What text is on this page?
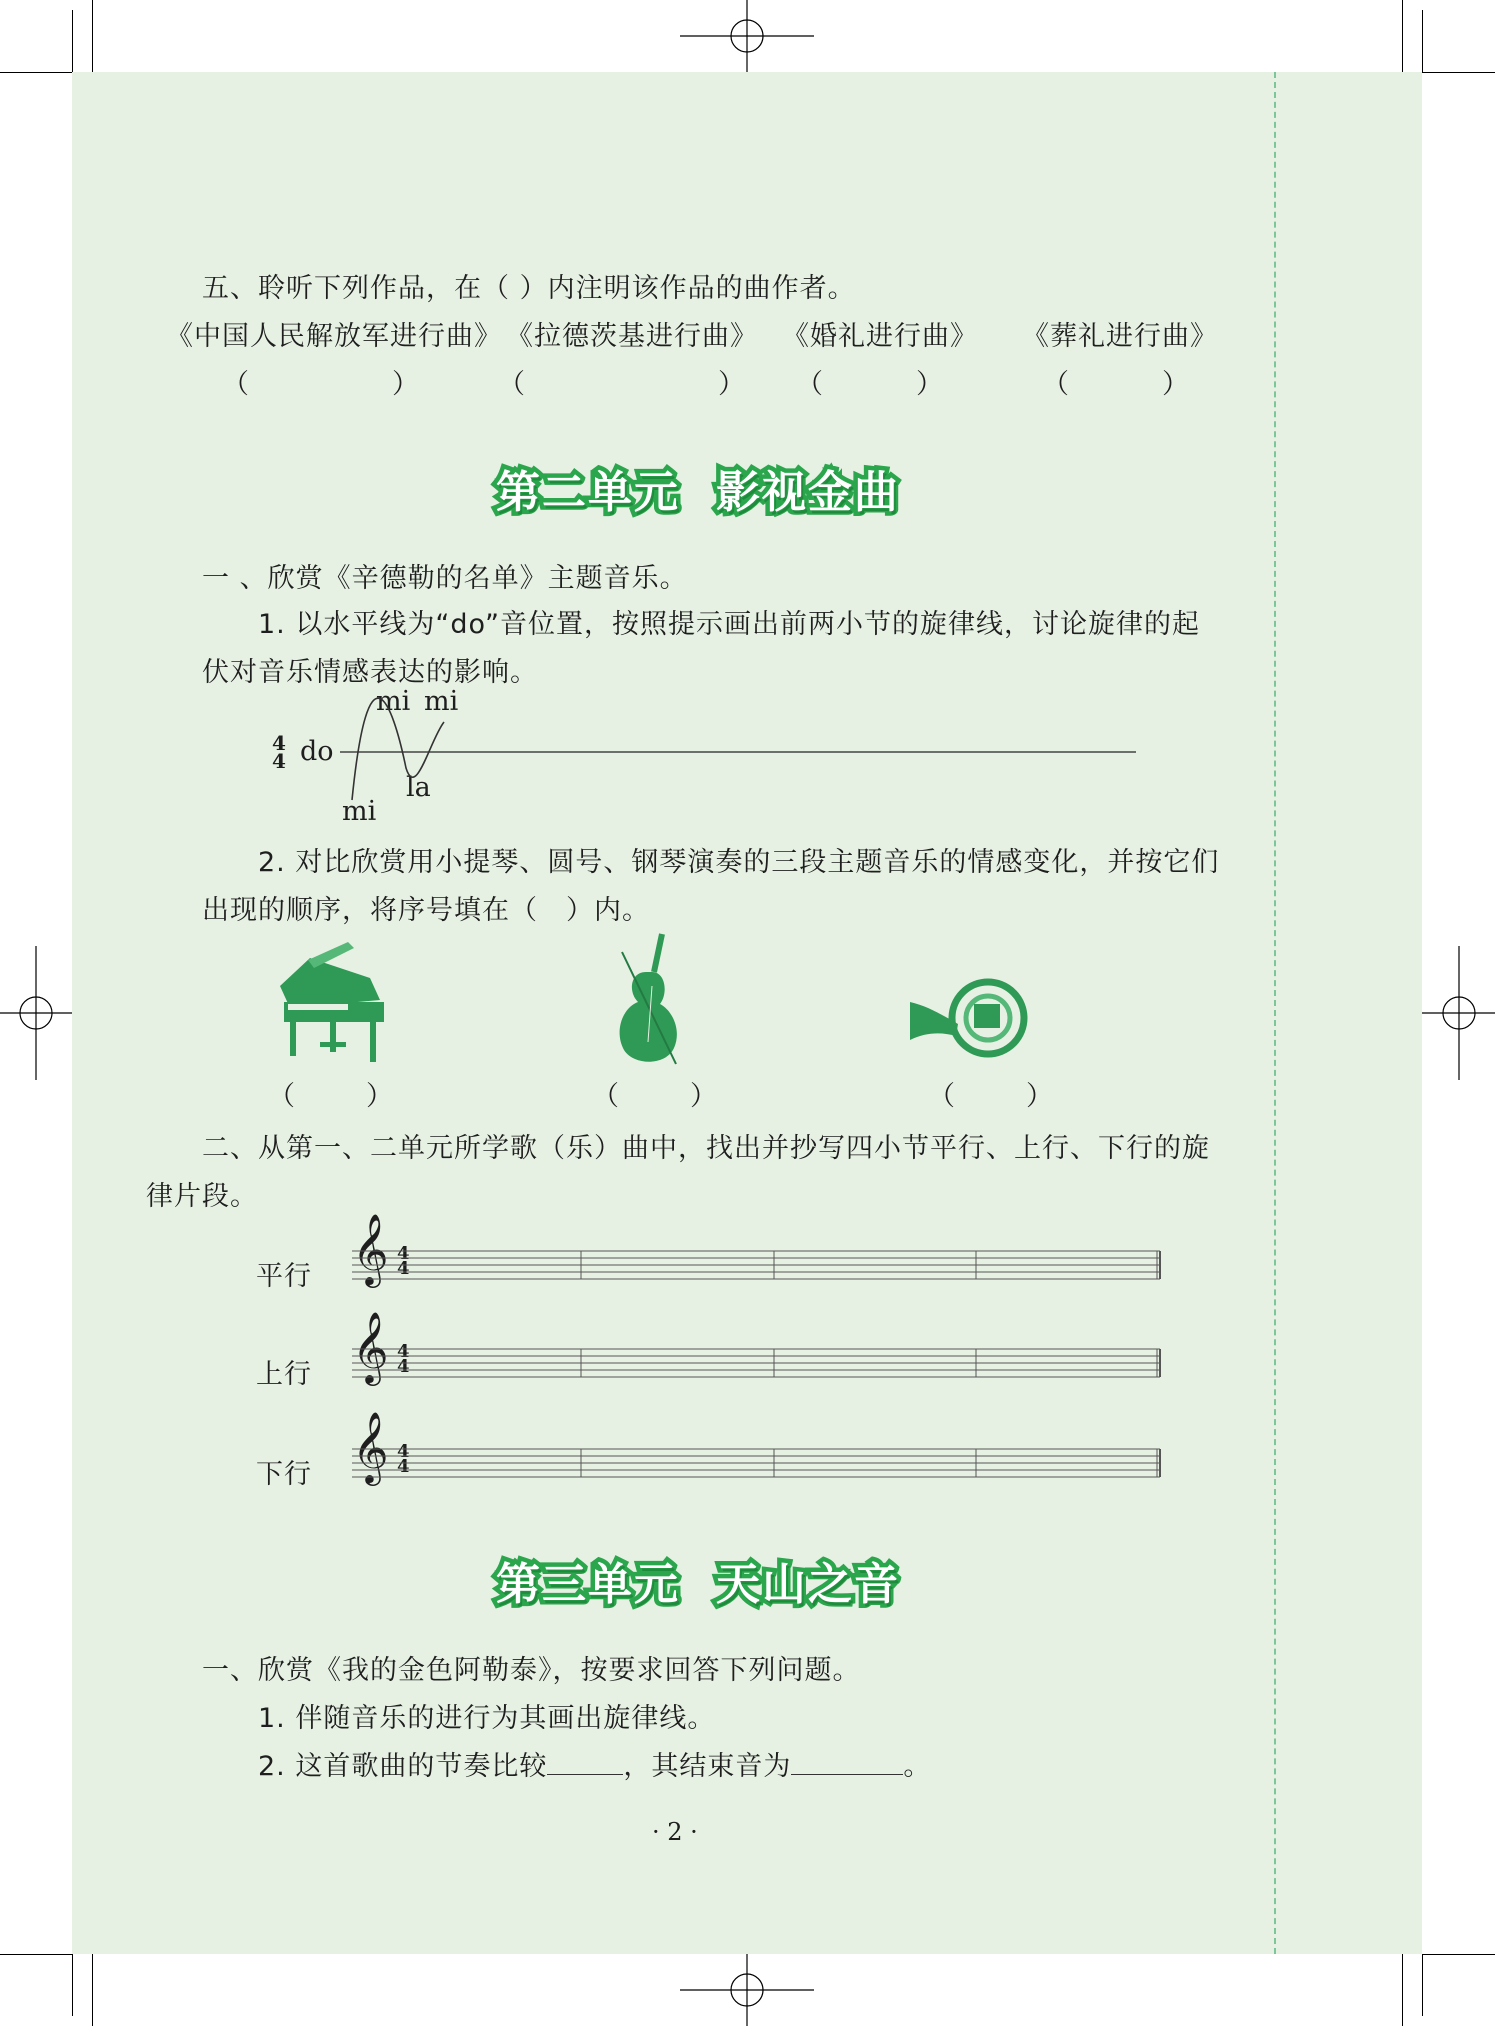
五、聆听下列作品，在（ ）内注明该作品的曲作者。
《中国人民解放军进行曲》 《拉德茨基进行曲》 《婚礼进行曲》 《葬礼进行曲》
（	）	（	） （	）	（	）
第二单元 影视金曲
一 、欣赏《辛德勒的名单》主题音乐。
1. 以水平线为“do”音位置，按照提示画出前两小节的旋律线，讨论旋律的起
伏对音乐情感表达的影响。
4
4 do
mi mi
la
mi
2. 对比欣赏用小提琴、圆号、钢琴演奏的三段主题音乐的情感变化，并按它们
出现的顺序，将序号填在（　）内。
（	）	（	）	（	）
二、从第一、二单元所学歌（乐）曲中，找出并抄写四小节平行、上行、下行的旋
律片段。
平行 𝄞 4
4
上行 𝄞 4
4
下行 𝄞 4
4
第三单元 天山之音
一、欣赏《我的金色阿勒泰》，按要求回答下列问题。
1. 伴随音乐的进行为其画出旋律线。
2. 这首歌曲的节奏比较	，其结束音为	。
· 2 ·
